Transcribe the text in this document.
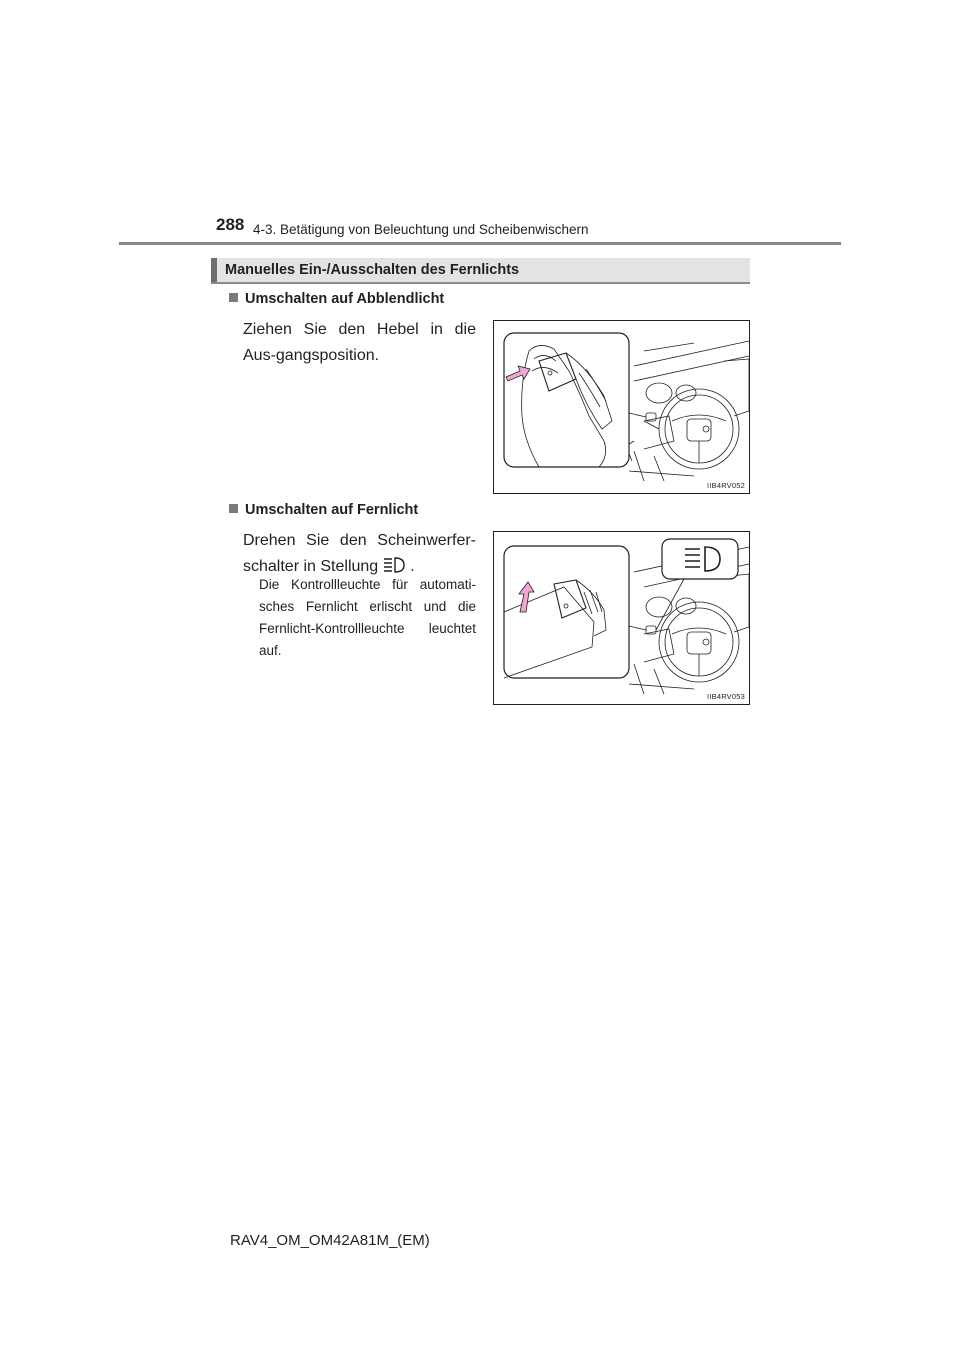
288 4-3. Betätigung von Beleuchtung und Scheibenwischern
Manuelles Ein-/Ausschalten des Fernlichts
Umschalten auf Abblendlicht
Ziehen Sie den Hebel in die Aus-gangsposition.
IIB4RV052
Umschalten auf Fernlicht
Drehen Sie den Scheinwerfer-schalter in Stellung .
Die Kontrollleuchte für automati-sches Fernlicht erlischt und die Fernlicht-Kontrollleuchte leuchtet auf.
IIB4RV053
RAV4_OM_OM42A81M_(EM)
